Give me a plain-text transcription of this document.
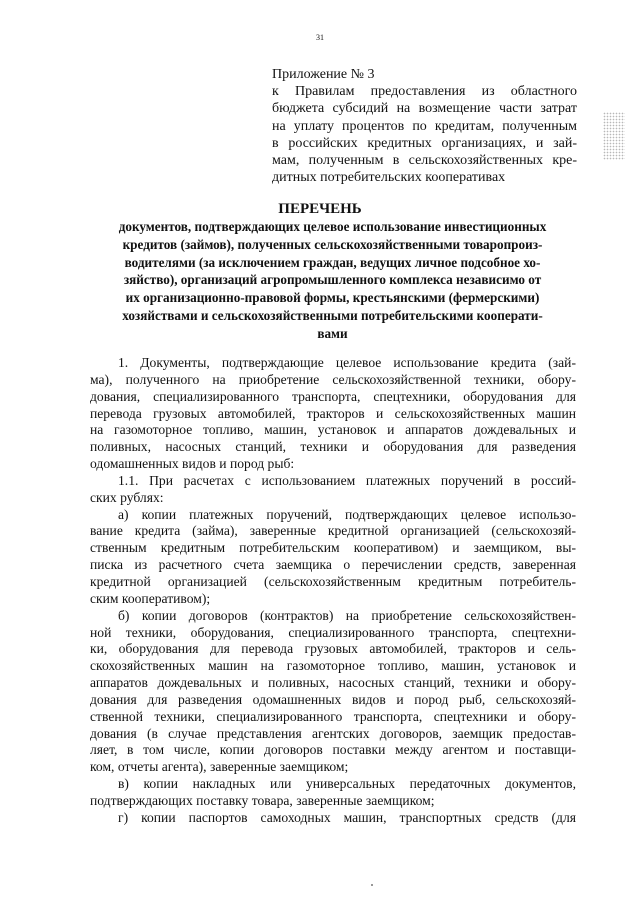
31
Приложение № 3
к Правилам предоставления из областного
бюджета субсидий на возмещение части затрат
на уплату процентов по кредитам, полученным
в российских кредитных организациях, и зай-
мам, полученным в сельскохозяйственных кре-
дитных потребительских кооперативах
ПЕРЕЧЕНЬ
документов, подтверждающих целевое использование инвестиционных
кредитов (займов), полученных сельскохозяйственными товаропроиз-
водителями (за исключением граждан, ведущих личное подсобное хо-
зяйство), организаций агропромышленного комплекса независимо от
их организационно-правовой формы, крестьянскими (фермерскими)
хозяйствами и сельскохозяйственными потребительскими кооперати-
вами
1. Документы, подтверждающие целевое использование кредита (зай-
ма), полученного на приобретение сельскохозяйственной техники, обору-
дования, специализированного транспорта, спецтехники, оборудования для
перевода грузовых автомобилей, тракторов и сельскохозяйственных машин
на газомоторное топливо, машин, установок и аппаратов дождевальных и
поливных, насосных станций, техники и оборудования для разведения
одомашненных видов и пород рыб:
1.1. При расчетах с использованием платежных поручений в россий-
ских рублях:
а) копии платежных поручений, подтверждающих целевое использо-
вание кредита (займа), заверенные кредитной организацией (сельскохозяй-
ственным кредитным потребительским кооперативом) и заемщиком, вы-
писка из расчетного счета заемщика о перечислении средств, заверенная
кредитной организацией (сельскохозяйственным кредитным потребитель-
ским кооперативом);
б) копии договоров (контрактов) на приобретение сельскохозяйствен-
ной техники, оборудования, специализированного транспорта, спецтехни-
ки, оборудования для перевода грузовых автомобилей, тракторов и сель-
скохозяйственных машин на газомоторное топливо, машин, установок и
аппаратов дождевальных и поливных, насосных станций, техники и обору-
дования для разведения одомашненных видов и пород рыб, сельскохозяй-
ственной техники, специализированного транспорта, спецтехники и обору-
дования (в случае представления агентских договоров, заемщик предостав-
ляет, в том числе, копии договоров поставки между агентом и поставщи-
ком, отчеты агента), заверенные заемщиком;
в) копии накладных или универсальных передаточных документов,
подтверждающих поставку товара, заверенные заемщиком;
г) копии паспортов самоходных машин, транспортных средств (для
